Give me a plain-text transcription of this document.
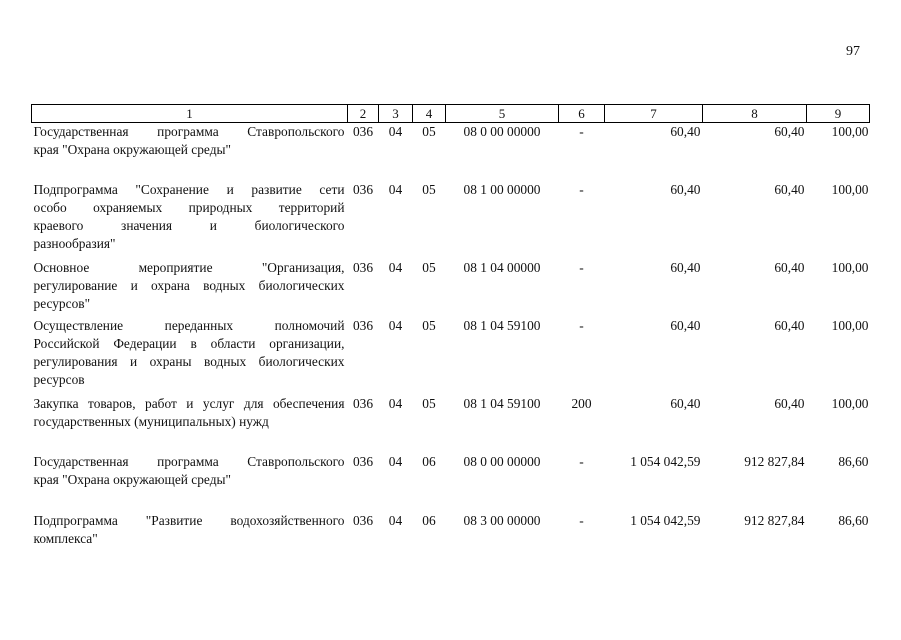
97
1	2	3	4	5	6	7	8	9

Государственная программа Ставропольского
края "Охрана окружающей среды"	036	04	05	08 0 00 00000	-	60,40	60,40	100,00

Подпрограмма "Сохранение и развитие сети
особо охраняемых природных территорий
краевого значения и биологического
разнообразия"	036	04	05	08 1 00 00000	-	60,40	60,40	100,00

Основное мероприятие "Организация,
регулирование и охрана водных биологических
ресурсов"	036	04	05	08 1 04 00000	-	60,40	60,40	100,00

Осуществление переданных полномочий
Российской Федерации в области организации,
регулирования и охраны водных биологических
ресурсов	036	04	05	08 1 04 59100	-	60,40	60,40	100,00

Закупка товаров, работ и услуг для обеспечения
государственных (муниципальных) нужд	036	04	05	08 1 04 59100	200	60,40	60,40	100,00

Государственная программа Ставропольского
края "Охрана окружающей среды"	036	04	06	08 0 00 00000	-	1 054 042,59	912 827,84	86,60

Подпрограмма "Развитие водохозяйственного
комплекса"	036	04	06	08 3 00 00000	-	1 054 042,59	912 827,84	86,60
